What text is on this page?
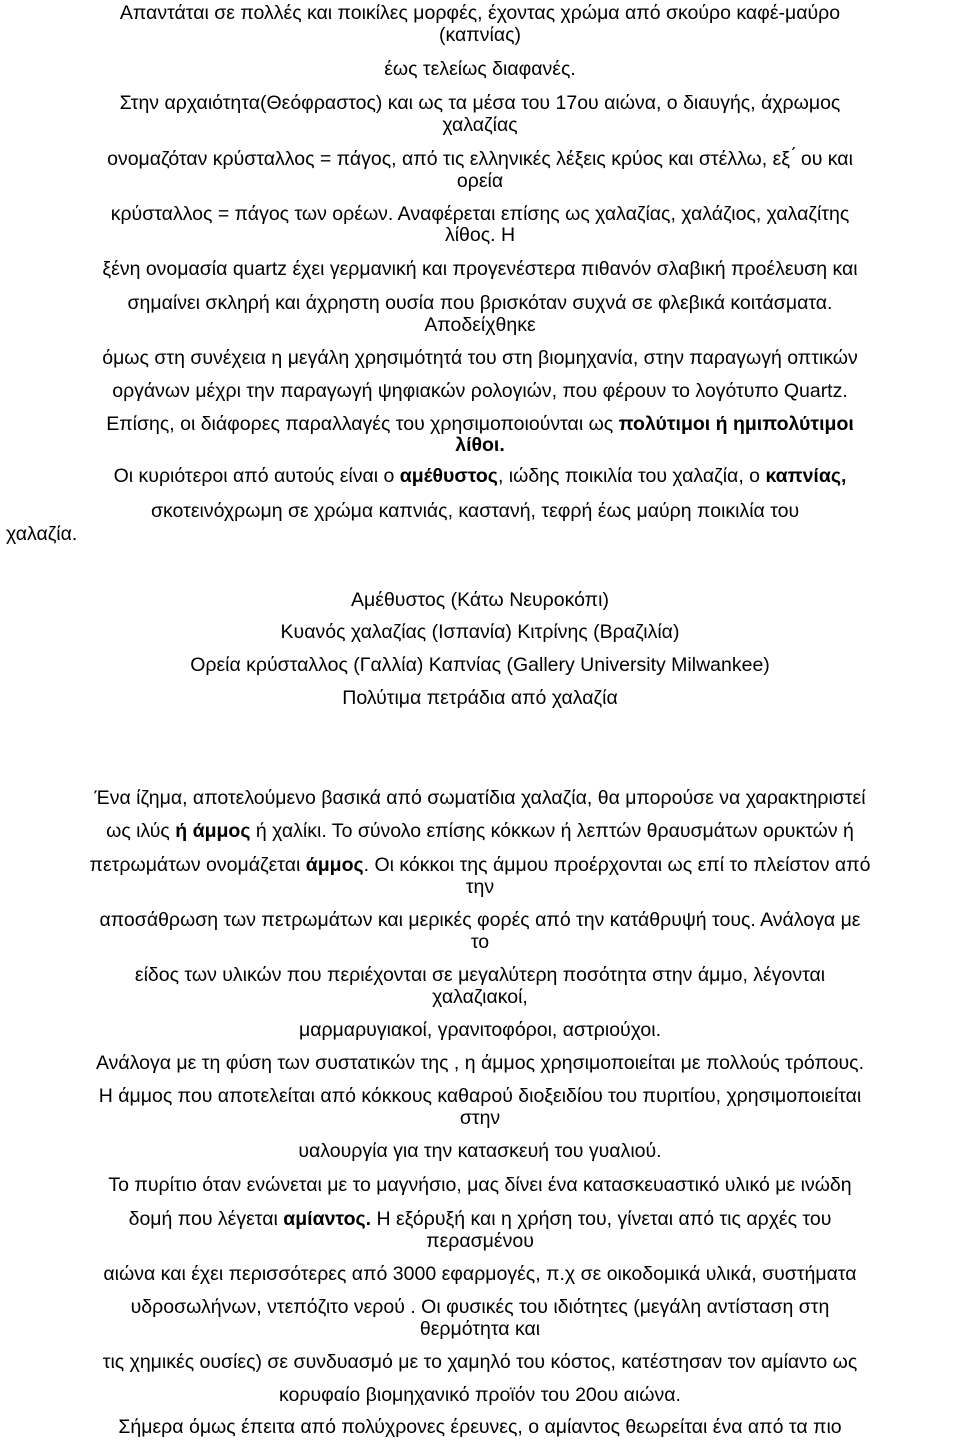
Απαντάται σε πολλές και ποικίλες μορφές, έχοντας χρώμα από σκούρο καφέ-μαύρο
(καπνίας)
έως τελείως διαφανές.
Στην αρχαιότητα(Θεόφραστος) και ως τα μέσα του 17ου αιώνα, ο διαυγής, άχρωμος
χαλαζίας
ονομαζόταν κρύσταλλος = πάγος, από τις ελληνικές λέξεις κρύος και στέλλω, εξ ́ ου και
ορεία
κρύσταλλος = πάγος των ορέων. Αναφέρεται επίσης ως χαλαζίας, χαλάζιος, χαλαζίτης
λίθος. Η
ξένη ονομασία quartz έχει γερμανική και προγενέστερα πιθανόν σλαβική προέλευση και
σημαίνει σκληρή και άχρηστη ουσία που βρισκόταν συχνά σε φλεβικά κοιτάσματα.
Αποδείχθηκε
όμως στη συνέχεια η μεγάλη χρησιμότητά του στη βιομηχανία, στην παραγωγή οπτικών
οργάνων μέχρι την παραγωγή ψηφιακών ρολογιών, που φέρουν το λογότυπο Quartz.
Επίσης, οι διάφορες παραλλαγές του χρησιμοποιούνται ως πολύτιμοι ή ημιπολύτιμοι
λίθοι.
Οι κυριότεροι από αυτούς είναι ο αμέθυστος, ιώδης ποικιλία του χαλαζία, ο καπνίας,
σκοτεινόχρωμη σε χρώμα καπνιάς, καστανή, τεφρή έως μαύρη ποικιλία του
χαλαζία.
Αμέθυστος (Κάτω Νευροκόπι)
Κυανός χαλαζίας (Ισπανία) Κιτρίνης (Βραζιλία)
Ορεία κρύσταλλος (Γαλλία) Καπνίας (Gallery University Milwankee)
Πολύτιμα πετράδια από χαλαζία
Ένα ίζημα, αποτελούμενο βασικά από σωματίδια χαλαζία, θα μπορούσε να χαρακτηριστεί
ως ιλύς ή άμμος ή χαλίκι. Το σύνολο επίσης κόκκων ή λεπτών θραυσμάτων ορυκτών ή
πετρωμάτων ονομάζεται άμμος. Οι κόκκοι της άμμου προέρχονται ως επί το πλείστον από
την
αποσάθρωση των πετρωμάτων και μερικές φορές από την κατάθρυψή τους. Ανάλογα με
το
είδος των υλικών που περιέχονται σε μεγαλύτερη ποσότητα στην άμμο, λέγονται
χαλαζιακοί,
μαρμαρυγιακοί, γρανιτοφόροι, αστριούχοι.
Ανάλογα με τη φύση των συστατικών της , η άμμος χρησιμοποιείται με πολλούς τρόπους.
Η άμμος που αποτελείται από κόκκους καθαρού διοξειδίου του πυριτίου, χρησιμοποιείται
στην
υαλουργία για την κατασκευή του γυαλιού.
Το πυρίτιο όταν ενώνεται με το μαγνήσιο, μας δίνει ένα κατασκευαστικό υλικό με ινώδη
δομή που λέγεται αμίαντος. Η εξόρυξή και η χρήση του, γίνεται από τις αρχές του
περασμένου
αιώνα και έχει περισσότερες από 3000 εφαρμογές, π.χ σε οικοδομικά υλικά, συστήματα
υδροσωλήνων, ντεπόζιτο νερού . Οι φυσικές του ιδιότητες (μεγάλη αντίσταση στη
θερμότητα και
τις χημικές ουσίες) σε συνδυασμό με το χαμηλό του κόστος, κατέστησαν τον αμίαντο ως
κορυφαίο βιομηχανικό προϊόν του 20ου αιώνα.
Σήμερα όμως έπειτα από πολύχρονες έρευνες, ο αμίαντος θεωρείται ένα από τα πιο
